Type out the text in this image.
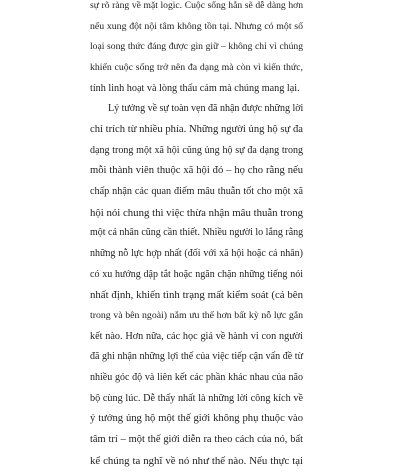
sự rõ ràng về mặt logic. Cuộc sống hẳn sẽ dễ dàng hơn
nếu xung đột nội tâm không tồn tại. Nhưng có một số
loại song thức đáng được gìn giữ – không chỉ vì chúng
khiến cuộc sống trở nên đa dạng mà còn vì kiến thức,
tính linh hoạt và lòng thấu cảm mà chúng mang lại.
Lý tưởng về sự toàn vẹn đã nhận được những lời
chỉ trích từ nhiều phía. Những người ủng hộ sự đa
dạng trong một xã hội cũng ủng hộ sự đa dạng trong
mỗi thành viên thuộc xã hội đó – họ cho rằng nếu
chấp nhận các quan điểm mâu thuẫn tốt cho một xã
hội nói chung thì việc thừa nhận mâu thuẫn trong
một cá nhân cũng cần thiết. Nhiều người lo lắng rằng
những nỗ lực hợp nhất (đối với xã hội hoặc cá nhân)
có xu hướng dập tắt hoặc ngăn chặn những tiếng nói
nhất định, khiến tình trạng mất kiểm soát (cả bên
trong và bên ngoài) nắm ưu thế hơn bất kỳ nỗ lực gắn
kết nào. Hơn nữa, các học giả về hành vi con người
đã ghi nhận những lợi thế của việc tiếp cận vấn đề từ
nhiều góc độ và liên kết các phần khác nhau của não
bộ cùng lúc. Dễ thấy nhất là những lời công kích về
ý tưởng ủng hộ một thế giới không phụ thuộc vào
tâm trí – một thế giới diễn ra theo cách của nó, bất
kể chúng ta nghĩ về nó như thế nào. Nếu thực tại
